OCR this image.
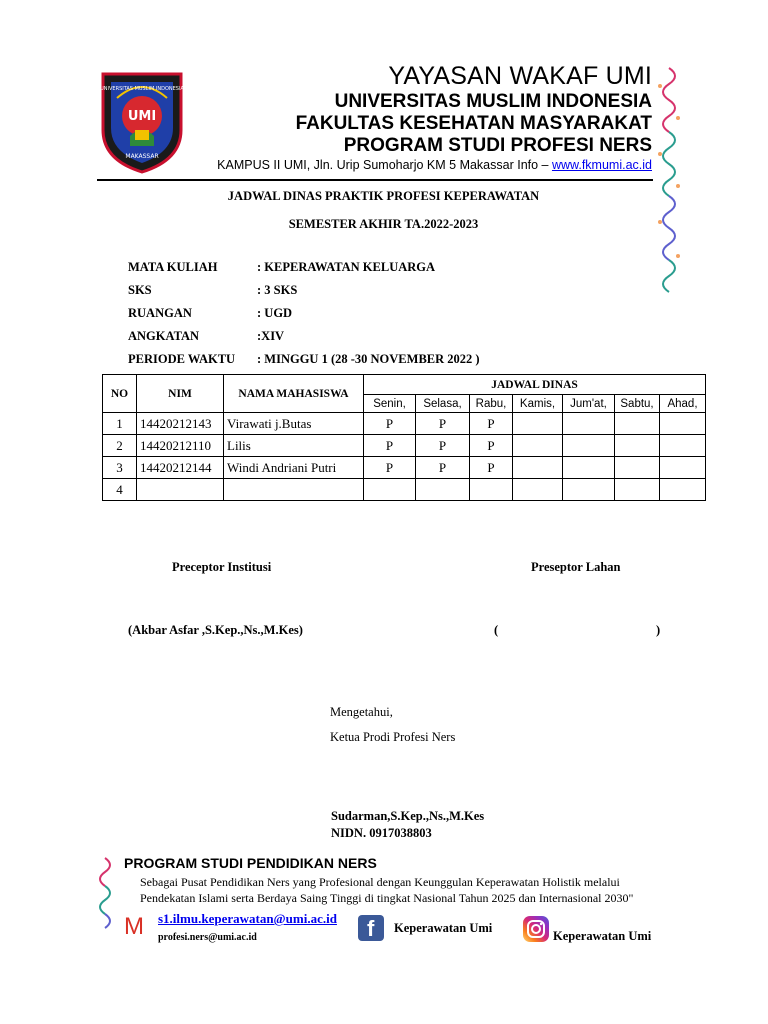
UNIVERSITAS MUSLIM INDONESIA
UMI
MAKASSAR
YAYASAN WAKAF UMI
UNIVERSITAS MUSLIM INDONESIA
FAKULTAS KESEHATAN MASYARAKAT
PROGRAM STUDI PROFESI NERS
KAMPUS II UMI, Jln. Urip Sumoharjo KM 5 Makassar Info – www.fkmumi.ac.id
JADWAL DINAS PRAKTIK PROFESI KEPERAWATAN
SEMESTER AKHIR TA.2022-2023
MATA KULIAH	: KEPERAWATAN KELUARGA
SKS	: 3 SKS
RUANGAN	: UGD
ANGKATAN	:XIV
PERIODE WAKTU : MINGGU 1 (28 -30 NOVEMBER 2022 )
NO	NIM	NAMA MAHASISWA	JADWAL DINAS						
			Senin,	Selasa,	Rabu,	Kamis,	Jum'at,	Sabtu,	Ahad,
1	14420212143	Virawati j.Butas	P	P	P				
2	14420212110	Lilis	P	P	P				
3	14420212144	Windi Andriani Putri	P	P	P				
4									
Preceptor Institusi	Preseptor Lahan
(Akbar Asfar ,S.Kep.,Ns.,M.Kes)	(	)
Mengetahui,
Ketua Prodi Profesi Ners
Sudarman,S.Kep.,Ns.,M.Kes
NIDN. 0917038803
PROGRAM STUDI PENDIDIKAN NERS
Sebagai Pusat Pendidikan Ners yang Profesional dengan Keunggulan Keperawatan Holistik melalui
Pendekatan Islami serta Berdaya Saing Tinggi di tingkat Nasional Tahun 2025 dan Internasional 2030"
M s1.ilmu.keperawatan@umi.ac.id
profesi.ners@umi.ac.id	f Keperawatan Umi
Keperawatan Umi
